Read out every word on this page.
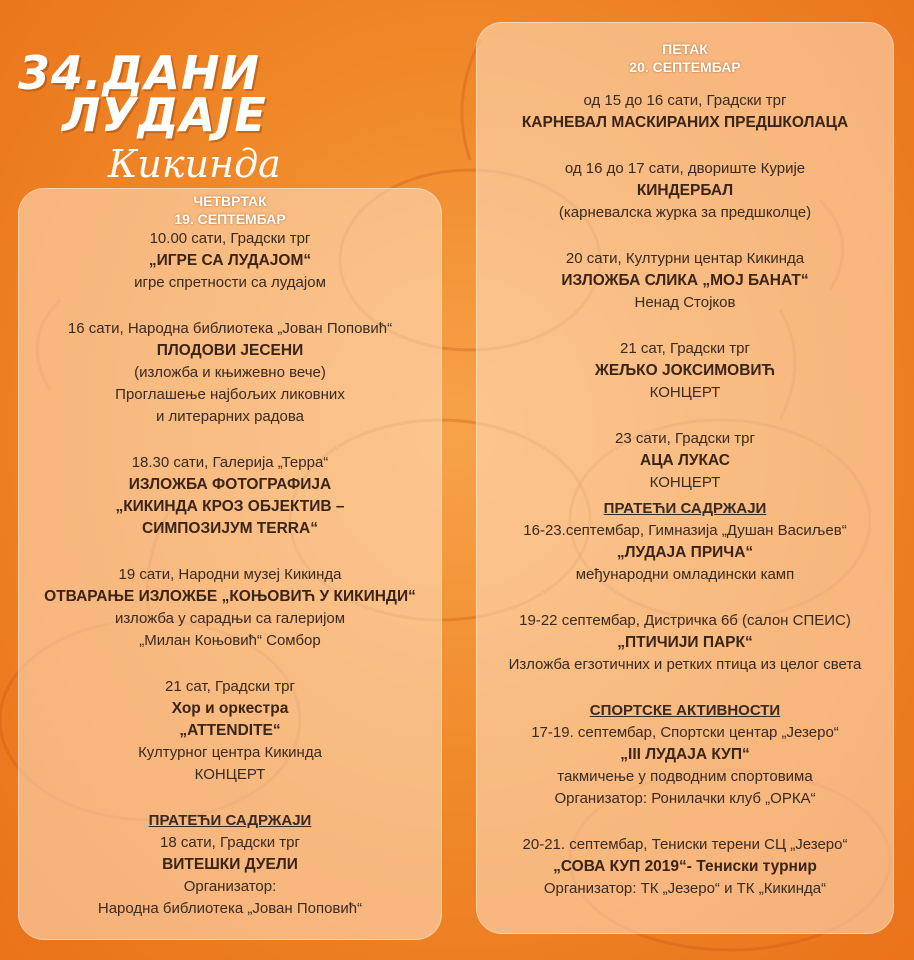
34.ДАНИ
ЛУДАЈЕ
Кикинда
ЧЕТВРТАК
19. СЕПТЕМБАР
10.00 сати, Градски трг
„ИГРЕ СА ЛУДАЈОМ“
игре спретности са лудајом
16 сати, Народна библиотека „Јован Поповић“
ПЛОДОВИ ЈЕСЕНИ
(изложба и књижевно вече)
Проглашење најбољих ликовних
и литерарних радова
18.30 сати, Галерија „Терра“
ИЗЛОЖБА ФОТОГРАФИЈА
„КИКИНДА КРОЗ ОБЈЕКТИВ –
СИМПОЗИЈУМ TERRA“
19 сати, Народни музеј Кикинда
ОТВАРАЊЕ ИЗЛОЖБЕ „КОЊОВИЋ У КИКИНДИ“
изложба у сарадњи са галеријом
„Милан Коњовић“ Сомбор
21 сат, Градски трг
Хор и оркестра
„ATTENDITE“
Културног центра Кикинда
КОНЦЕРТ
ПРАТЕЋИ САДРЖАЈИ
18 сати, Градски трг
ВИТЕШКИ ДУЕЛИ
Организатор:
Народна библиотека „Јован Поповић“
ПЕТАК
20. СЕПТЕМБАР
од 15 до 16 сати, Градски трг
КАРНЕВАЛ МАСКИРАНИХ ПРЕДШКОЛАЦА
од 16 до 17 сати, двориште Курије
КИНДЕРБАЛ
(карневалска журка за предшколце)
20 сати, Културни центар Кикинда
ИЗЛОЖБА СЛИКА „МОЈ БАНАТ“
Ненад Стојков
21 сат, Градски трг
ЖЕЉКО ЈОКСИМОВИЋ
КОНЦЕРТ
23 сати, Градски трг
АЦА ЛУКАС
КОНЦЕРТ
ПРАТЕЋИ САДРЖАЈИ
16-23.септембар, Гимназија „Душан Васиљев“
„ЛУДАЈА ПРИЧА“
међународни омладински камп
19-22 септембар, Дистричка 6б (салон СПЕИС)
„ПТИЧИЈИ ПАРК“
Изложба егзотичних и ретких птица из целог света
СПОРТСКЕ АКТИВНОСТИ
17-19. септембар, Спортски центар „Језеро“
„III ЛУДАЈА КУП“
такмичење у подводним спортовима
Организатор: Ронилачки клуб „ОРКА“
20-21. септембар, Тениски терени СЦ „Језеро“
„СОВА КУП 2019“- Тениски турнир
Организатор: ТК „Језеро“ и ТК „Кикинда“
